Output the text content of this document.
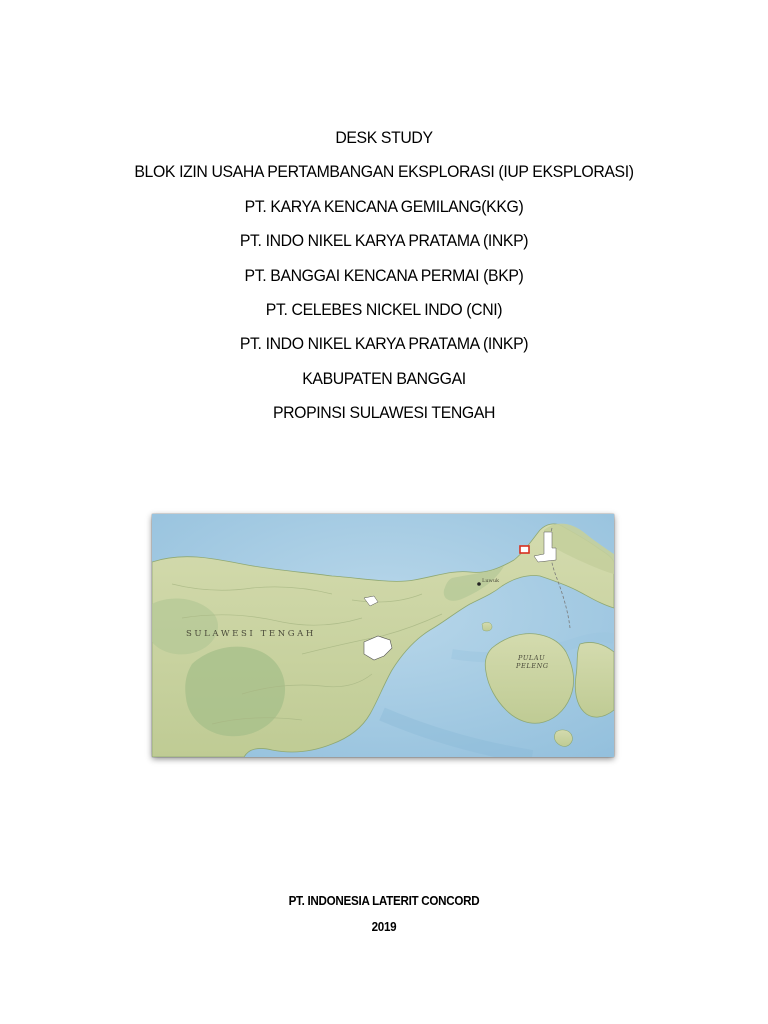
DESK STUDY
BLOK IZIN USAHA PERTAMBANGAN EKSPLORASI (IUP EKSPLORASI)
PT. KARYA KENCANA GEMILANG(KKG)
PT. INDO NIKEL KARYA PRATAMA (INKP)
PT. BANGGAI KENCANA PERMAI (BKP)
PT. CELEBES NICKEL INDO (CNI)
PT. INDO NIKEL KARYA PRATAMA (INKP)
KABUPATEN BANGGAI
PROPINSI SULAWESI TENGAH
SULAWESI TENGAH
PULAU
PELENG
Luwuk
PT. INDONESIA LATERIT CONCORD
2019
